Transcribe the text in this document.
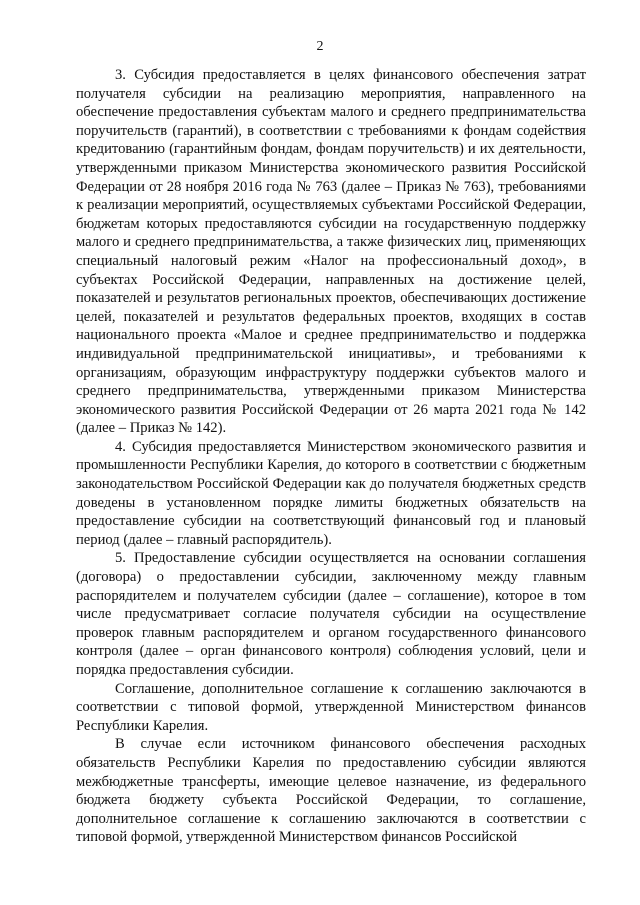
2

3. Субсидия предоставляется в целях финансового обеспечения затрат получателя субсидии на реализацию мероприятия, направленного на обеспечение предоставления субъектам малого и среднего предпринимательства поручительств (гарантий), в соответствии с требованиями к фондам содействия кредитованию (гарантийным фондам, фондам поручительств) и их деятельности, утвержденными приказом Министерства экономического развития Российской Федерации от 28 ноября 2016 года № 763 (далее – Приказ № 763), требованиями к реализации мероприятий, осуществляемых субъектами Российской Федерации, бюджетам которых предоставляются субсидии на государственную поддержку малого и среднего предпринимательства, а также физических лиц, применяющих специальный налоговый режим «Налог на профессиональный доход», в субъектах Российской Федерации, направленных на достижение целей, показателей и результатов региональных проектов, обеспечивающих достижение целей, показателей и результатов федеральных проектов, входящих в состав национального проекта «Малое и среднее предпринимательство и поддержка индивидуальной предпринимательской инициативы», и требованиями к организациям, образующим инфраструктуру поддержки субъектов малого и среднего предпринимательства, утвержденными приказом Министерства экономического развития Российской Федерации от 26 марта 2021 года № 142 (далее – Приказ № 142).

4. Субсидия предоставляется Министерством экономического развития и промышленности Республики Карелия, до которого в соответствии с бюджетным законодательством Российской Федерации как до получателя бюджетных средств доведены в установленном порядке лимиты бюджетных обязательств на предоставление субсидии на соответствующий финансовый год и плановый период (далее – главный распорядитель).

5. Предоставление субсидии осуществляется на основании соглашения (договора) о предоставлении субсидии, заключенному между главным распорядителем и получателем субсидии (далее – соглашение), которое в том числе предусматривает согласие получателя субсидии на осуществление проверок главным распорядителем и органом государственного финансового контроля (далее – орган финансового контроля) соблюдения условий, цели и порядка предоставления субсидии.

Соглашение, дополнительное соглашение к соглашению заключаются в соответствии с типовой формой, утвержденной Министерством финансов Республики Карелия.

В случае если источником финансового обеспечения расходных обязательств Республики Карелия по предоставлению субсидии являются межбюджетные трансферты, имеющие целевое назначение, из федерального бюджета бюджету субъекта Российской Федерации, то соглашение, дополнительное соглашение к соглашению заключаются в соответствии с типовой формой, утвержденной Министерством финансов Российской
